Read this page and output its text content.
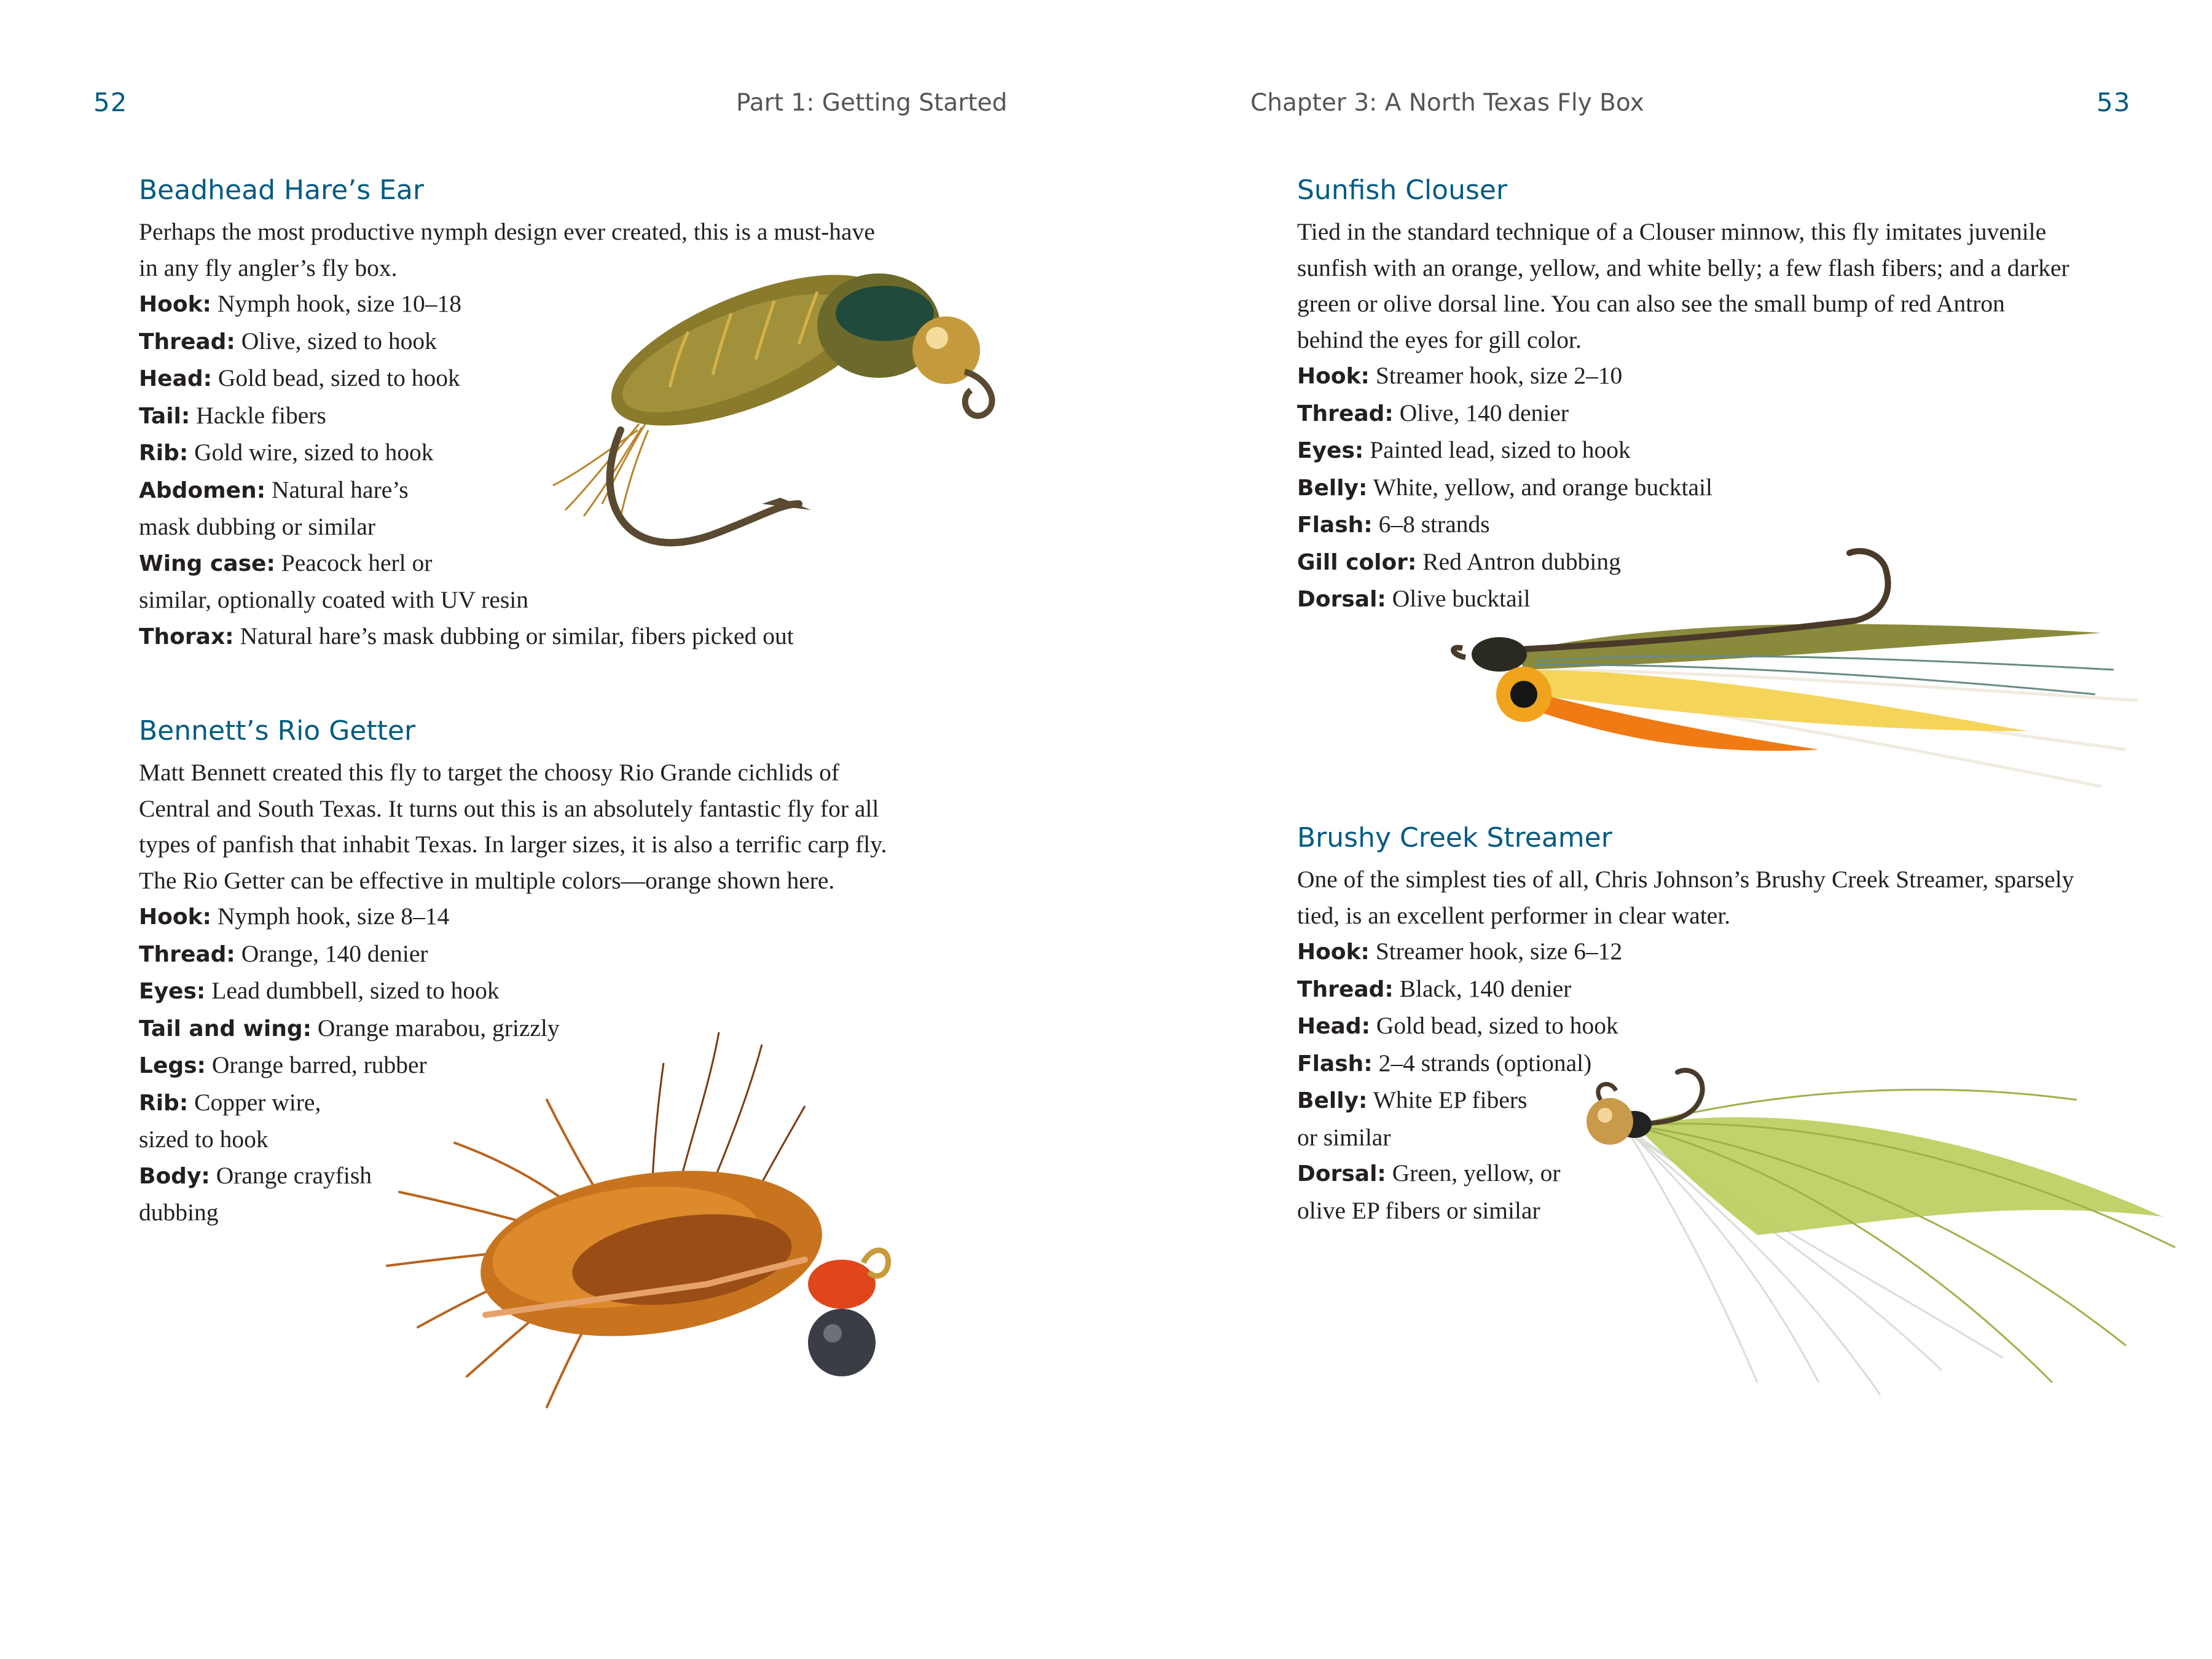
52	Part 1: Getting Started
Beadhead Hare’s Ear

Perhaps the most productive nymph design ever created, this is a must-have
in any fly angler’s fly box.

Hook: Nymph hook, size 10–18
Thread: Olive, sized to hook
Head: Gold bead, sized to hook
Tail: Hackle fibers
Rib: Gold wire, sized to hook
Abdomen: Natural hare’s
mask dubbing or similar
Wing case: Peacock herl or
similar, optionally coated with UV resin
Thorax: Natural hare’s mask dubbing or similar, fibers picked out
Bennett’s Rio Getter

Matt Bennett created this fly to target the choosy Rio Grande cichlids of
Central and South Texas. It turns out this is an absolutely fantastic fly for all
types of panfish that inhabit Texas. In larger sizes, it is also a terrific carp fly.
The Rio Getter can be effective in multiple colors—orange shown here.

Hook: Nymph hook, size 8–14
Thread: Orange, 140 denier
Eyes: Lead dumbbell, sized to hook
Tail and wing: Orange marabou, grizzly
Legs: Orange barred, rubber
Rib: Copper wire,
sized to hook
Body: Orange crayfish
dubbing
Chapter 3: A North Texas Fly Box	53
Sunfish Clouser

Tied in the standard technique of a Clouser minnow, this fly imitates juvenile
sunfish with an orange, yellow, and white belly; a few flash fibers; and a darker
green or olive dorsal line. You can also see the small bump of red Antron
behind the eyes for gill color.

Hook: Streamer hook, size 2–10
Thread: Olive, 140 denier
Eyes: Painted lead, sized to hook
Belly: White, yellow, and orange bucktail
Flash: 6–8 strands
Gill color: Red Antron dubbing
Dorsal: Olive bucktail
Brushy Creek Streamer

One of the simplest ties of all, Chris Johnson’s Brushy Creek Streamer, sparsely
tied, is an excellent performer in clear water.

Hook: Streamer hook, size 6–12
Thread: Black, 140 denier
Head: Gold bead, sized to hook
Flash: 2–4 strands (optional)
Belly: White EP fibers
or similar
Dorsal: Green, yellow, or
olive EP fibers or similar
